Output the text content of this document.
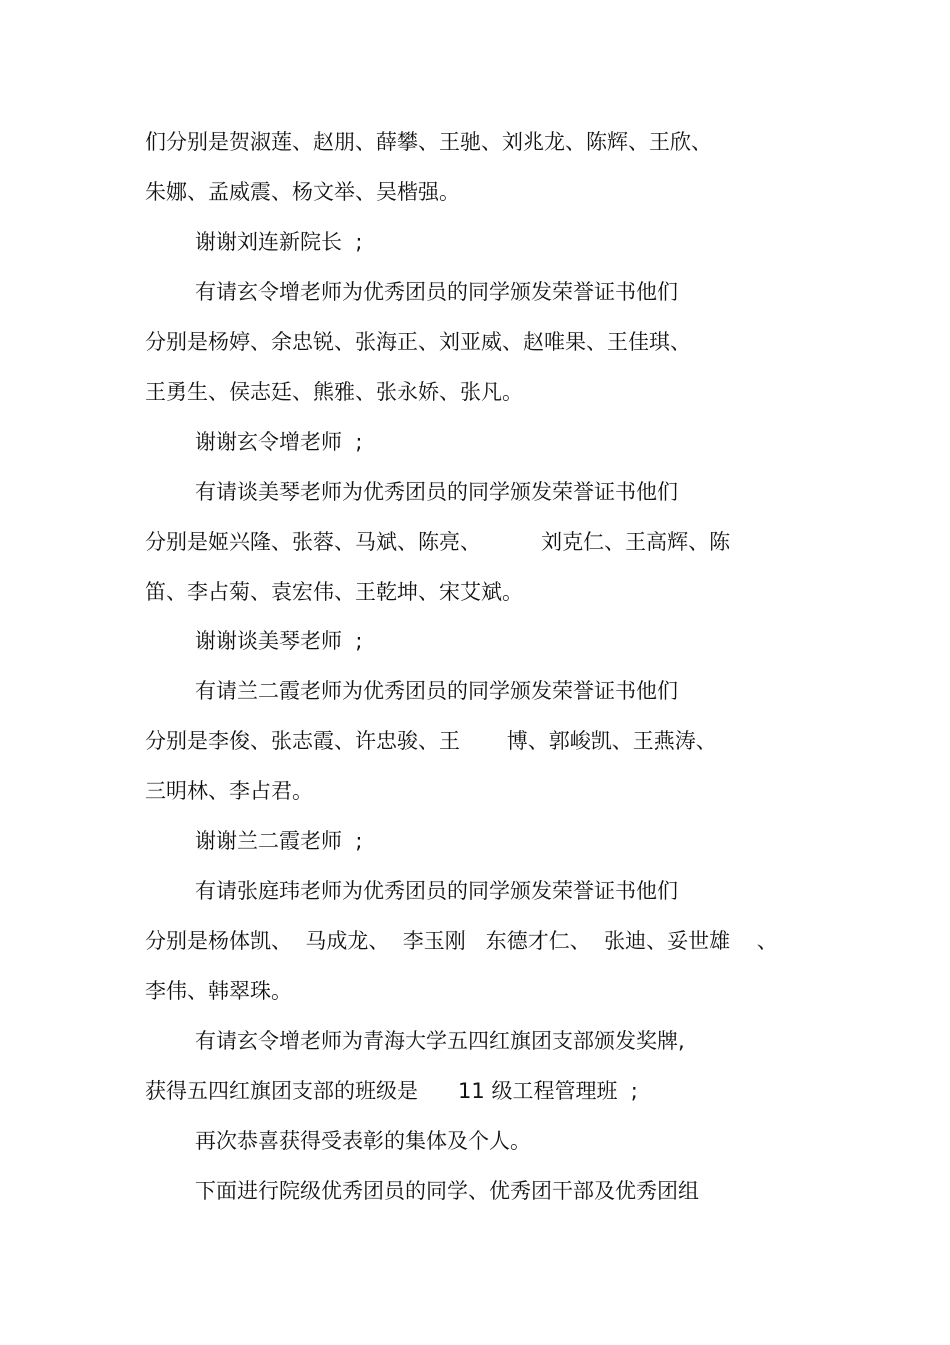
们分别是贺淑莲、赵朋、薛攀、王驰、刘兆龙、陈辉、王欣、
朱娜、孟威震、杨文举、吴楷强。
谢谢刘连新院长  ;
有请玄令增老师为优秀团员的同学颁发荣誉证书他们
分别是杨婷、余忠锐、张海正、刘亚威、赵唯果、王佳琪、
王勇生、侯志廷、熊雅、张永娇、张凡。
谢谢玄令增老师  ;
有请谈美琴老师为优秀团员的同学颁发荣誉证书他们
分别是姬兴隆、张蓉、马斌、陈亮、         刘克仁、王高辉、陈
笛、李占菊、袁宏伟、王乾坤、宋艾斌。
谢谢谈美琴老师  ;
有请兰二霞老师为优秀团员的同学颁发荣誉证书他们
分别是李俊、张志霞、许忠骏、王       博、郭峻凯、王燕涛、
三明林、李占君。
谢谢兰二霞老师  ;
有请张庭玮老师为优秀团员的同学颁发荣誉证书他们
分别是杨体凯、  马成龙、  李玉刚   东德才仁、  张迪、妥世雄    、
李伟、韩翠珠。
有请玄令增老师为青海大学五四红旗团支部颁发奖牌,
获得五四红旗团支部的班级是      11 级工程管理班  ;
再次恭喜获得受表彰的集体及个人。
下面进行院级优秀团员的同学、优秀团干部及优秀团组
